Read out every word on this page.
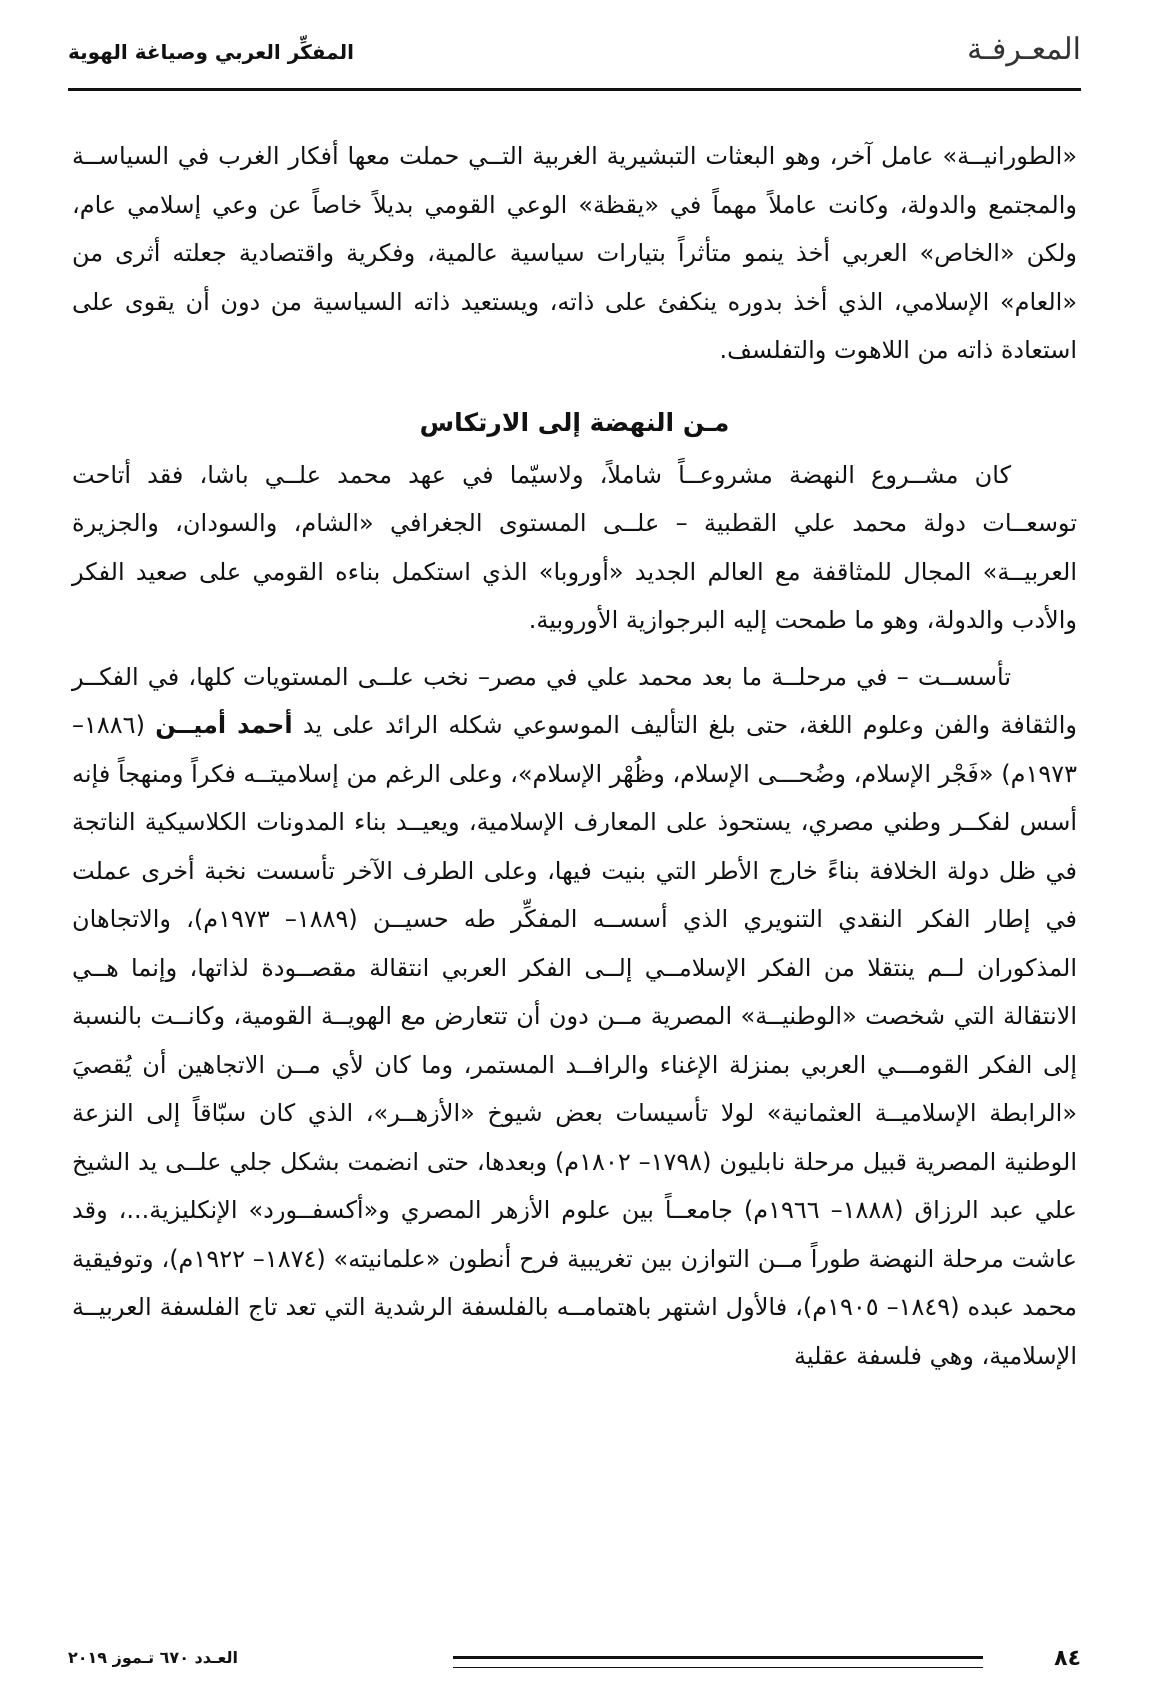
المعـرفـة
المفكِّر العربي وصياغة الهوية

«الطورانيــة» عامل آخر، وهو البعثات التبشيرية الغربية التــي حملت معها أفكار الغرب في السياســة والمجتمع والدولة، وكانت عاملاً مهماً في «يقظة» الوعي القومي بديلاً خاصاً عن وعي إسلامي عام، ولكن «الخاص» العربي أخذ ينمو متأثراً بتيارات سياسية عالمية، وفكرية واقتصادية جعلته أثرى من «العام» الإسلامي، الذي أخذ بدوره ينكفئ على ذاته، ويستعيد ذاته السياسية من دون أن يقوى على استعادة ذاته من اللاهوت والتفلسف.

مـن النهضة إلى الارتكاس

كان مشــروع النهضة مشروعــاً شاملاً، ولاسيّما في عهد محمد علــي باشا، فقد أتاحت توسعــات دولة محمد علي القطبية – علــى المستوى الجغرافي «الشام، والسودان، والجزيرة العربيــة» المجال للمثاقفة مع العالم الجديد «أوروبا» الذي استكمل بناءه القومي على صعيد الفكر والأدب والدولة، وهو ما طمحت إليه البرجوازية الأوروبية.

تأسســت – في مرحلــة ما بعد محمد علي في مصر– نخب علــى المستويات كلها، في الفكــر والثقافة والفن وعلوم اللغة، حتى بلغ التأليف الموسوعي شكله الرائد على يد أحمد أميــن (١٨٨٦– ١٩٧٣م) «فَجْر الإسلام، وضُحـــى الإسلام، وظُهْر الإسلام»، وعلى الرغم من إسلاميتــه فكراً ومنهجاً فإنه أسس لفكــر وطني مصري، يستحوذ على المعارف الإسلامية، ويعيــد بناء المدونات الكلاسيكية الناتجة في ظل دولة الخلافة بناءً خارج الأطر التي بنيت فيها، وعلى الطرف الآخر تأسست نخبة أخرى عملت في إطار الفكر النقدي التنويري الذي أسســه المفكِّر طه حسيــن (١٨٨٩– ١٩٧٣م)، والاتجاهان المذكوران لــم ينتقلا من الفكر الإسلامــي إلــى الفكر العربي انتقالة مقصــودة لذاتها، وإنما هــي الانتقالة التي شخصت «الوطنيــة» المصرية مــن دون أن تتعارض مع الهويــة القومية، وكانــت بالنسبة إلى الفكر القومـــي العربي بمنزلة الإغناء والرافــد المستمر، وما كان لأي مــن الاتجاهين أن يُقصيَ «الرابطة الإسلاميــة العثمانية» لولا تأسيسات بعض شيوخ «الأزهــر»، الذي كان سبّاقاً إلى النزعة الوطنية المصرية قبيل مرحلة نابليون (١٧٩٨– ١٨٠٢م) وبعدها، حتى انضمت بشكل جلي علــى يد الشيخ علي عبد الرزاق (١٨٨٨– ١٩٦٦م) جامعــاً بين علوم الأزهر المصري و«أكسفــورد» الإنكليزية...، وقد عاشت مرحلة النهضة طوراً مــن التوازن بين تغريبية فرح أنطون «علمانيته» (١٨٧٤– ١٩٢٢م)، وتوفيقية محمد عبده (١٨٤٩– ١٩٠٥م)، فالأول اشتهر باهتمامــه بالفلسفة الرشدية التي تعد تاج الفلسفة العربيــة الإسلامية، وهي فلسفة عقلية

٨٤
العـدد ٦٧٠ تـموز ٢٠١٩
